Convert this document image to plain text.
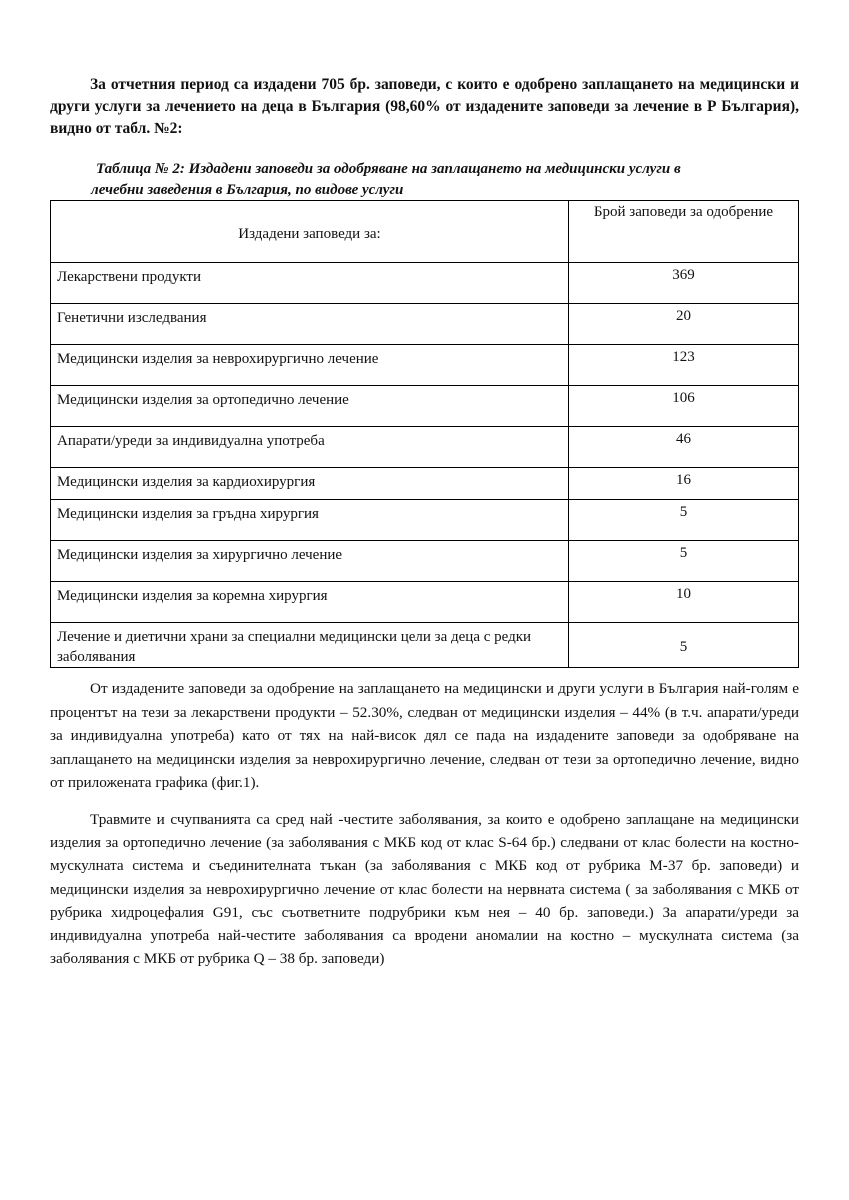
За отчетния период са издадени 705 бр. заповеди, с които е одобрено заплащането на медицински и други услуги за лечението на деца в България (98,60% от издадените заповеди за лечение в Р България), видно от табл. №2:

Таблица № 2: Издадени заповеди за одобряване на заплащането на медицински услуги в
лечебни заведения в България, по видове услуги

Издадени заповеди за:	Брой заповеди за одобрение
Лекарствени продукти	369
Генетични изследвания	20
Медицински изделия за неврохирургично лечение	123
Медицински изделия за ортопедично лечение	106
Апарати/уреди за индивидуална употреба	46
Медицински изделия за кардиохирургия	16
Медицински изделия за гръдна хирургия	5
Медицински изделия за хирургично лечение	5
Медицински изделия за коремна хирургия	10
Лечение и диетични храни за специални медицински цели за деца с редки заболявания	5

От издадените заповеди за одобрение на заплащането на медицински и други услуги в България най-голям е процентът на тези за лекарствени продукти – 52.30%, следван от медицински изделия – 44% (в т.ч. апарати/уреди за индивидуална употреба) като от тях на най-висок дял се пада на издадените заповеди за одобряване на заплащането на медицински изделия за неврохирургично лечение, следван от тези за ортопедично лечение, видно от приложената графика (фиг.1).

Травмите и счупванията са сред най -честите заболявания, за които е одобрено заплащане на медицински изделия за ортопедично лечение (за заболявания с МКБ код от клас S-64 бр.) следвани от клас болести на костно-мускулната система и съединителната тъкан (за заболявания с МКБ код от рубрика М-37 бр. заповеди) и медицински изделия за неврохирургично лечение от клас болести на нервната система ( за заболявания с МКБ от рубрика хидроцефалия G91, със съответните подрубрики към нея – 40 бр. заповеди.) За апарати/уреди за индивидуална употреба най-честите заболявания са вродени аномалии на костно – мускулната система (за заболявания с МКБ от рубрика Q – 38 бр. заповеди)
